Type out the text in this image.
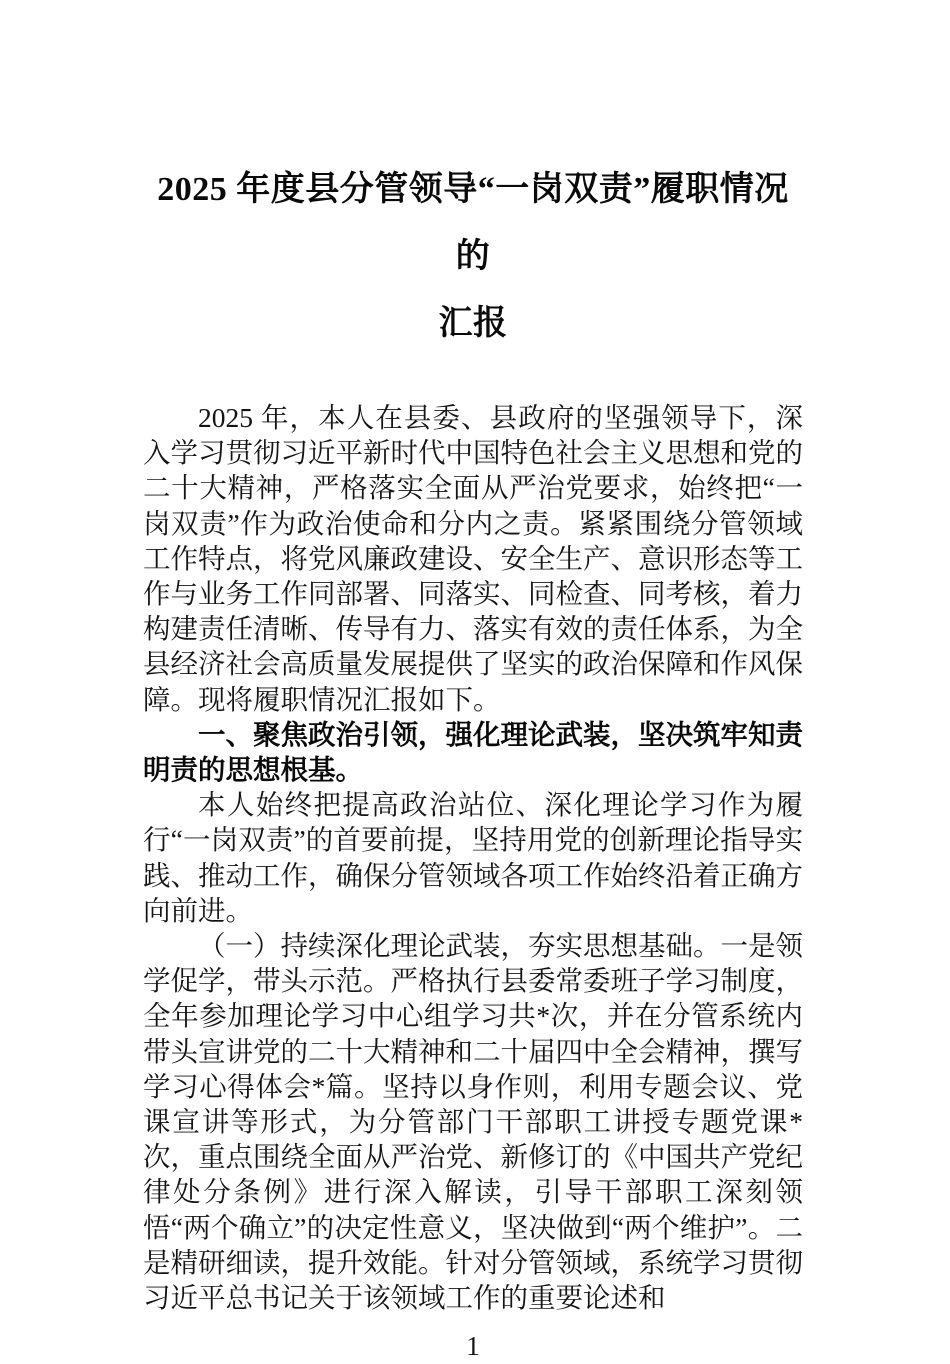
2025 年度县分管领导“一岗双责”履职情况的
汇报

2025 年，本人在县委、县政府的坚强领导下，深入学习贯彻习近平新时代中国特色社会主义思想和党的二十大精神，严格落实全面从严治党要求，始终把“一岗双责”作为政治使命和分内之责。紧紧围绕分管领域工作特点，将党风廉政建设、安全生产、意识形态等工作与业务工作同部署、同落实、同检查、同考核，着力构建责任清晰、传导有力、落实有效的责任体系，为全县经济社会高质量发展提供了坚实的政治保障和作风保障。现将履职情况汇报如下。

一、聚焦政治引领，强化理论武装，坚决筑牢知责明责的思想根基。

本人始终把提高政治站位、深化理论学习作为履行“一岗双责”的首要前提，坚持用党的创新理论指导实践、推动工作，确保分管领域各项工作始终沿着正确方向前进。

（一）持续深化理论武装，夯实思想基础。一是领学促学，带头示范。严格执行县委常委班子学习制度，全年参加理论学习中心组学习共*次，并在分管系统内带头宣讲党的二十大精神和二十届四中全会精神，撰写学习心得体会*篇。坚持以身作则，利用专题会议、党课宣讲等形式，为分管部门干部职工讲授专题党课*次，重点围绕全面从严治党、新修订的《中国共产党纪律处分条例》进行深入解读，引导干部职工深刻领悟“两个确立”的决定性意义，坚决做到“两个维护”。二是精研细读，提升效能。针对分管领域，系统学习贯彻习近平总书记关于该领域工作的重要论述和

1
